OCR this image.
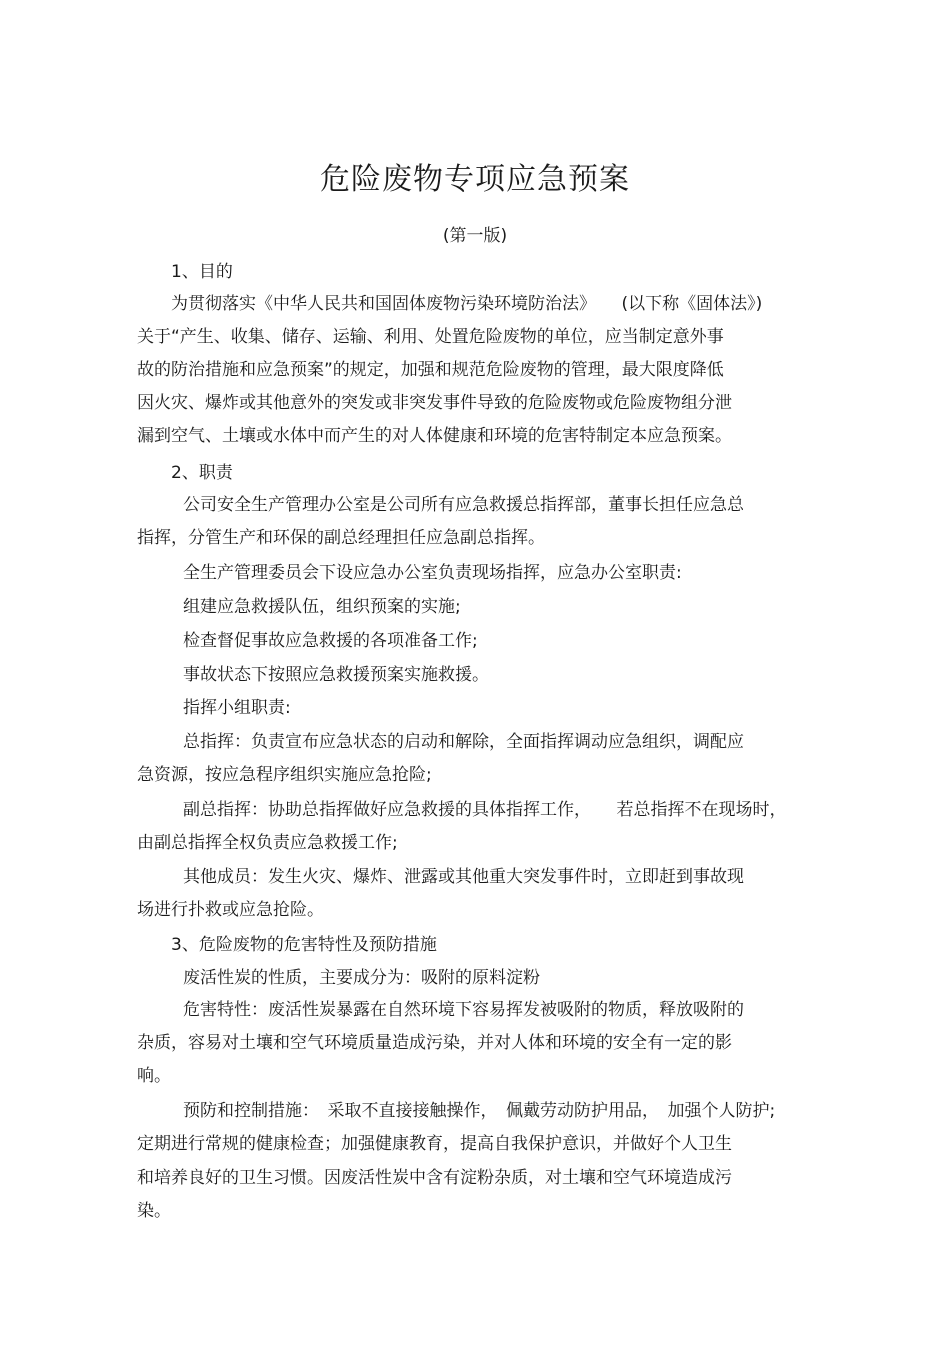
危险废物专项应急预案
(第一版)
1、目的
为贯彻落实《中华人民共和国固体废物污染环境防治法》　　(以下称《固体法》)
关于“产生、收集、储存、运输、利用、处置危险废物的单位，应当制定意外事
故的防治措施和应急预案”的规定，加强和规范危险废物的管理，最大限度降低
因火灾、爆炸或其他意外的突发或非突发事件导致的危险废物或危险废物组分泄
漏到空气、土壤或水体中而产生的对人体健康和环境的危害特制定本应急预案。
2、职责
公司安全生产管理办公室是公司所有应急救援总指挥部，董事长担任应急总
指挥，分管生产和环保的副总经理担任应急副总指挥。
全生产管理委员会下设应急办公室负责现场指挥，应急办公室职责:
组建应急救援队伍，组织预案的实施;
检查督促事故应急救援的各项准备工作;
事故状态下按照应急救援预案实施救援。
指挥小组职责:
总指挥：负责宣布应急状态的启动和解除，全面指挥调动应急组织，调配应
急资源，按应急程序组织实施应急抢险;
副总指挥：协助总指挥做好应急救援的具体指挥工作，　　若总指挥不在现场时，
由副总指挥全权负责应急救援工作;
其他成员：发生火灾、爆炸、泄露或其他重大突发事件时，立即赶到事故现
场进行扑救或应急抢险。
3、危险废物的危害特性及预防措施
废活性炭的性质，主要成分为：吸附的原料淀粉
危害特性：废活性炭暴露在自然环境下容易挥发被吸附的物质，释放吸附的
杂质，容易对土壤和空气环境质量造成污染，并对人体和环境的安全有一定的影
响。
预防和控制措施：　采取不直接接触操作，　佩戴劳动防护用品，　加强个人防护;
定期进行常规的健康检查；加强健康教育，提高自我保护意识，并做好个人卫生
和培养良好的卫生习惯。因废活性炭中含有淀粉杂质，对土壤和空气环境造成污
染。
